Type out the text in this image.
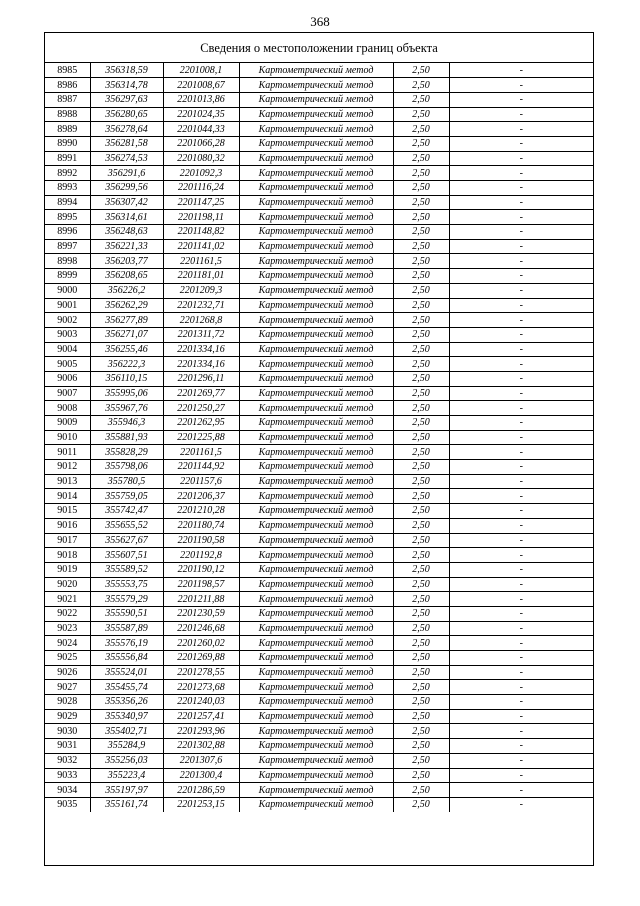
368
Сведения о местоположении границ объекта
8985	356318,59	2201008,1	Картометрический метод	2,50	-
8986	356314,78	2201008,67	Картометрический метод	2,50	-
8987	356297,63	2201013,86	Картометрический метод	2,50	-
8988	356280,65	2201024,35	Картометрический метод	2,50	-
8989	356278,64	2201044,33	Картометрический метод	2,50	-
8990	356281,58	2201066,28	Картометрический метод	2,50	-
8991	356274,53	2201080,32	Картометрический метод	2,50	-
8992	356291,6	2201092,3	Картометрический метод	2,50	-
8993	356299,56	2201116,24	Картометрический метод	2,50	-
8994	356307,42	2201147,25	Картометрический метод	2,50	-
8995	356314,61	2201198,11	Картометрический метод	2,50	-
8996	356248,63	2201148,82	Картометрический метод	2,50	-
8997	356221,33	2201141,02	Картометрический метод	2,50	-
8998	356203,77	2201161,5	Картометрический метод	2,50	-
8999	356208,65	2201181,01	Картометрический метод	2,50	-
9000	356226,2	2201209,3	Картометрический метод	2,50	-
9001	356262,29	2201232,71	Картометрический метод	2,50	-
9002	356277,89	2201268,8	Картометрический метод	2,50	-
9003	356271,07	2201311,72	Картометрический метод	2,50	-
9004	356255,46	2201334,16	Картометрический метод	2,50	-
9005	356222,3	2201334,16	Картометрический метод	2,50	-
9006	356110,15	2201296,11	Картометрический метод	2,50	-
9007	355995,06	2201269,77	Картометрический метод	2,50	-
9008	355967,76	2201250,27	Картометрический метод	2,50	-
9009	355946,3	2201262,95	Картометрический метод	2,50	-
9010	355881,93	2201225,88	Картометрический метод	2,50	-
9011	355828,29	2201161,5	Картометрический метод	2,50	-
9012	355798,06	2201144,92	Картометрический метод	2,50	-
9013	355780,5	2201157,6	Картометрический метод	2,50	-
9014	355759,05	2201206,37	Картометрический метод	2,50	-
9015	355742,47	2201210,28	Картометрический метод	2,50	-
9016	355655,52	2201180,74	Картометрический метод	2,50	-
9017	355627,67	2201190,58	Картометрический метод	2,50	-
9018	355607,51	2201192,8	Картометрический метод	2,50	-
9019	355589,52	2201190,12	Картометрический метод	2,50	-
9020	355553,75	2201198,57	Картометрический метод	2,50	-
9021	355579,29	2201211,88	Картометрический метод	2,50	-
9022	355590,51	2201230,59	Картометрический метод	2,50	-
9023	355587,89	2201246,68	Картометрический метод	2,50	-
9024	355576,19	2201260,02	Картометрический метод	2,50	-
9025	355556,84	2201269,88	Картометрический метод	2,50	-
9026	355524,01	2201278,55	Картометрический метод	2,50	-
9027	355455,74	2201273,68	Картометрический метод	2,50	-
9028	355356,26	2201240,03	Картометрический метод	2,50	-
9029	355340,97	2201257,41	Картометрический метод	2,50	-
9030	355402,71	2201293,96	Картометрический метод	2,50	-
9031	355284,9	2201302,88	Картометрический метод	2,50	-
9032	355256,03	2201307,6	Картометрический метод	2,50	-
9033	355223,4	2201300,4	Картометрический метод	2,50	-
9034	355197,97	2201286,59	Картометрический метод	2,50	-
9035	355161,74	2201253,15	Картометрический метод	2,50	-
